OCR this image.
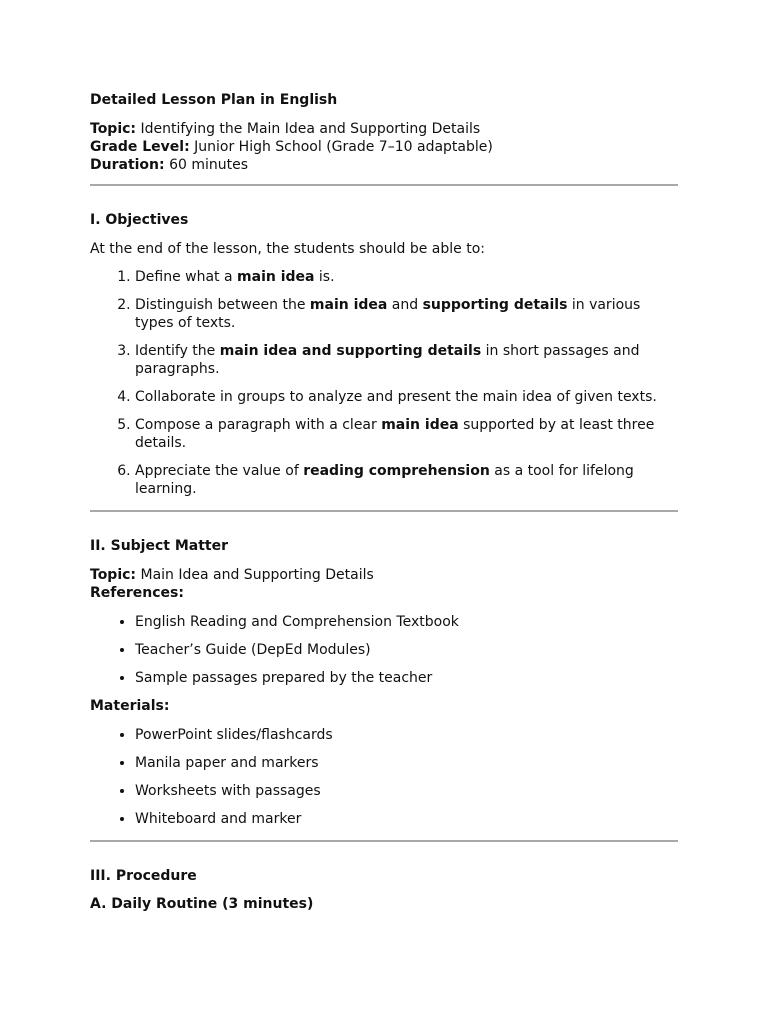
Detailed Lesson Plan in English

Topic: Identifying the Main Idea and Supporting Details

Grade Level: Junior High School (Grade 7–10 adaptable)

Duration: 60 minutes

I. Objectives

At the end of the lesson, the students should be able to:

1. Define what a main idea is.
2. Distinguish between the main idea and supporting details in various types of texts.
3. Identify the main idea and supporting details in short passages and paragraphs.
4. Collaborate in groups to analyze and present the main idea of given texts.
5. Compose a paragraph with a clear main idea supported by at least three details.
6. Appreciate the value of reading comprehension as a tool for lifelong learning.

II. Subject Matter

Topic: Main Idea and Supporting Details

References:

• English Reading and Comprehension Textbook
• Teacher’s Guide (DepEd Modules)
• Sample passages prepared by the teacher

Materials:

• PowerPoint slides/flashcards
• Manila paper and markers
• Worksheets with passages
• Whiteboard and marker

III. Procedure

A. Daily Routine (3 minutes)
